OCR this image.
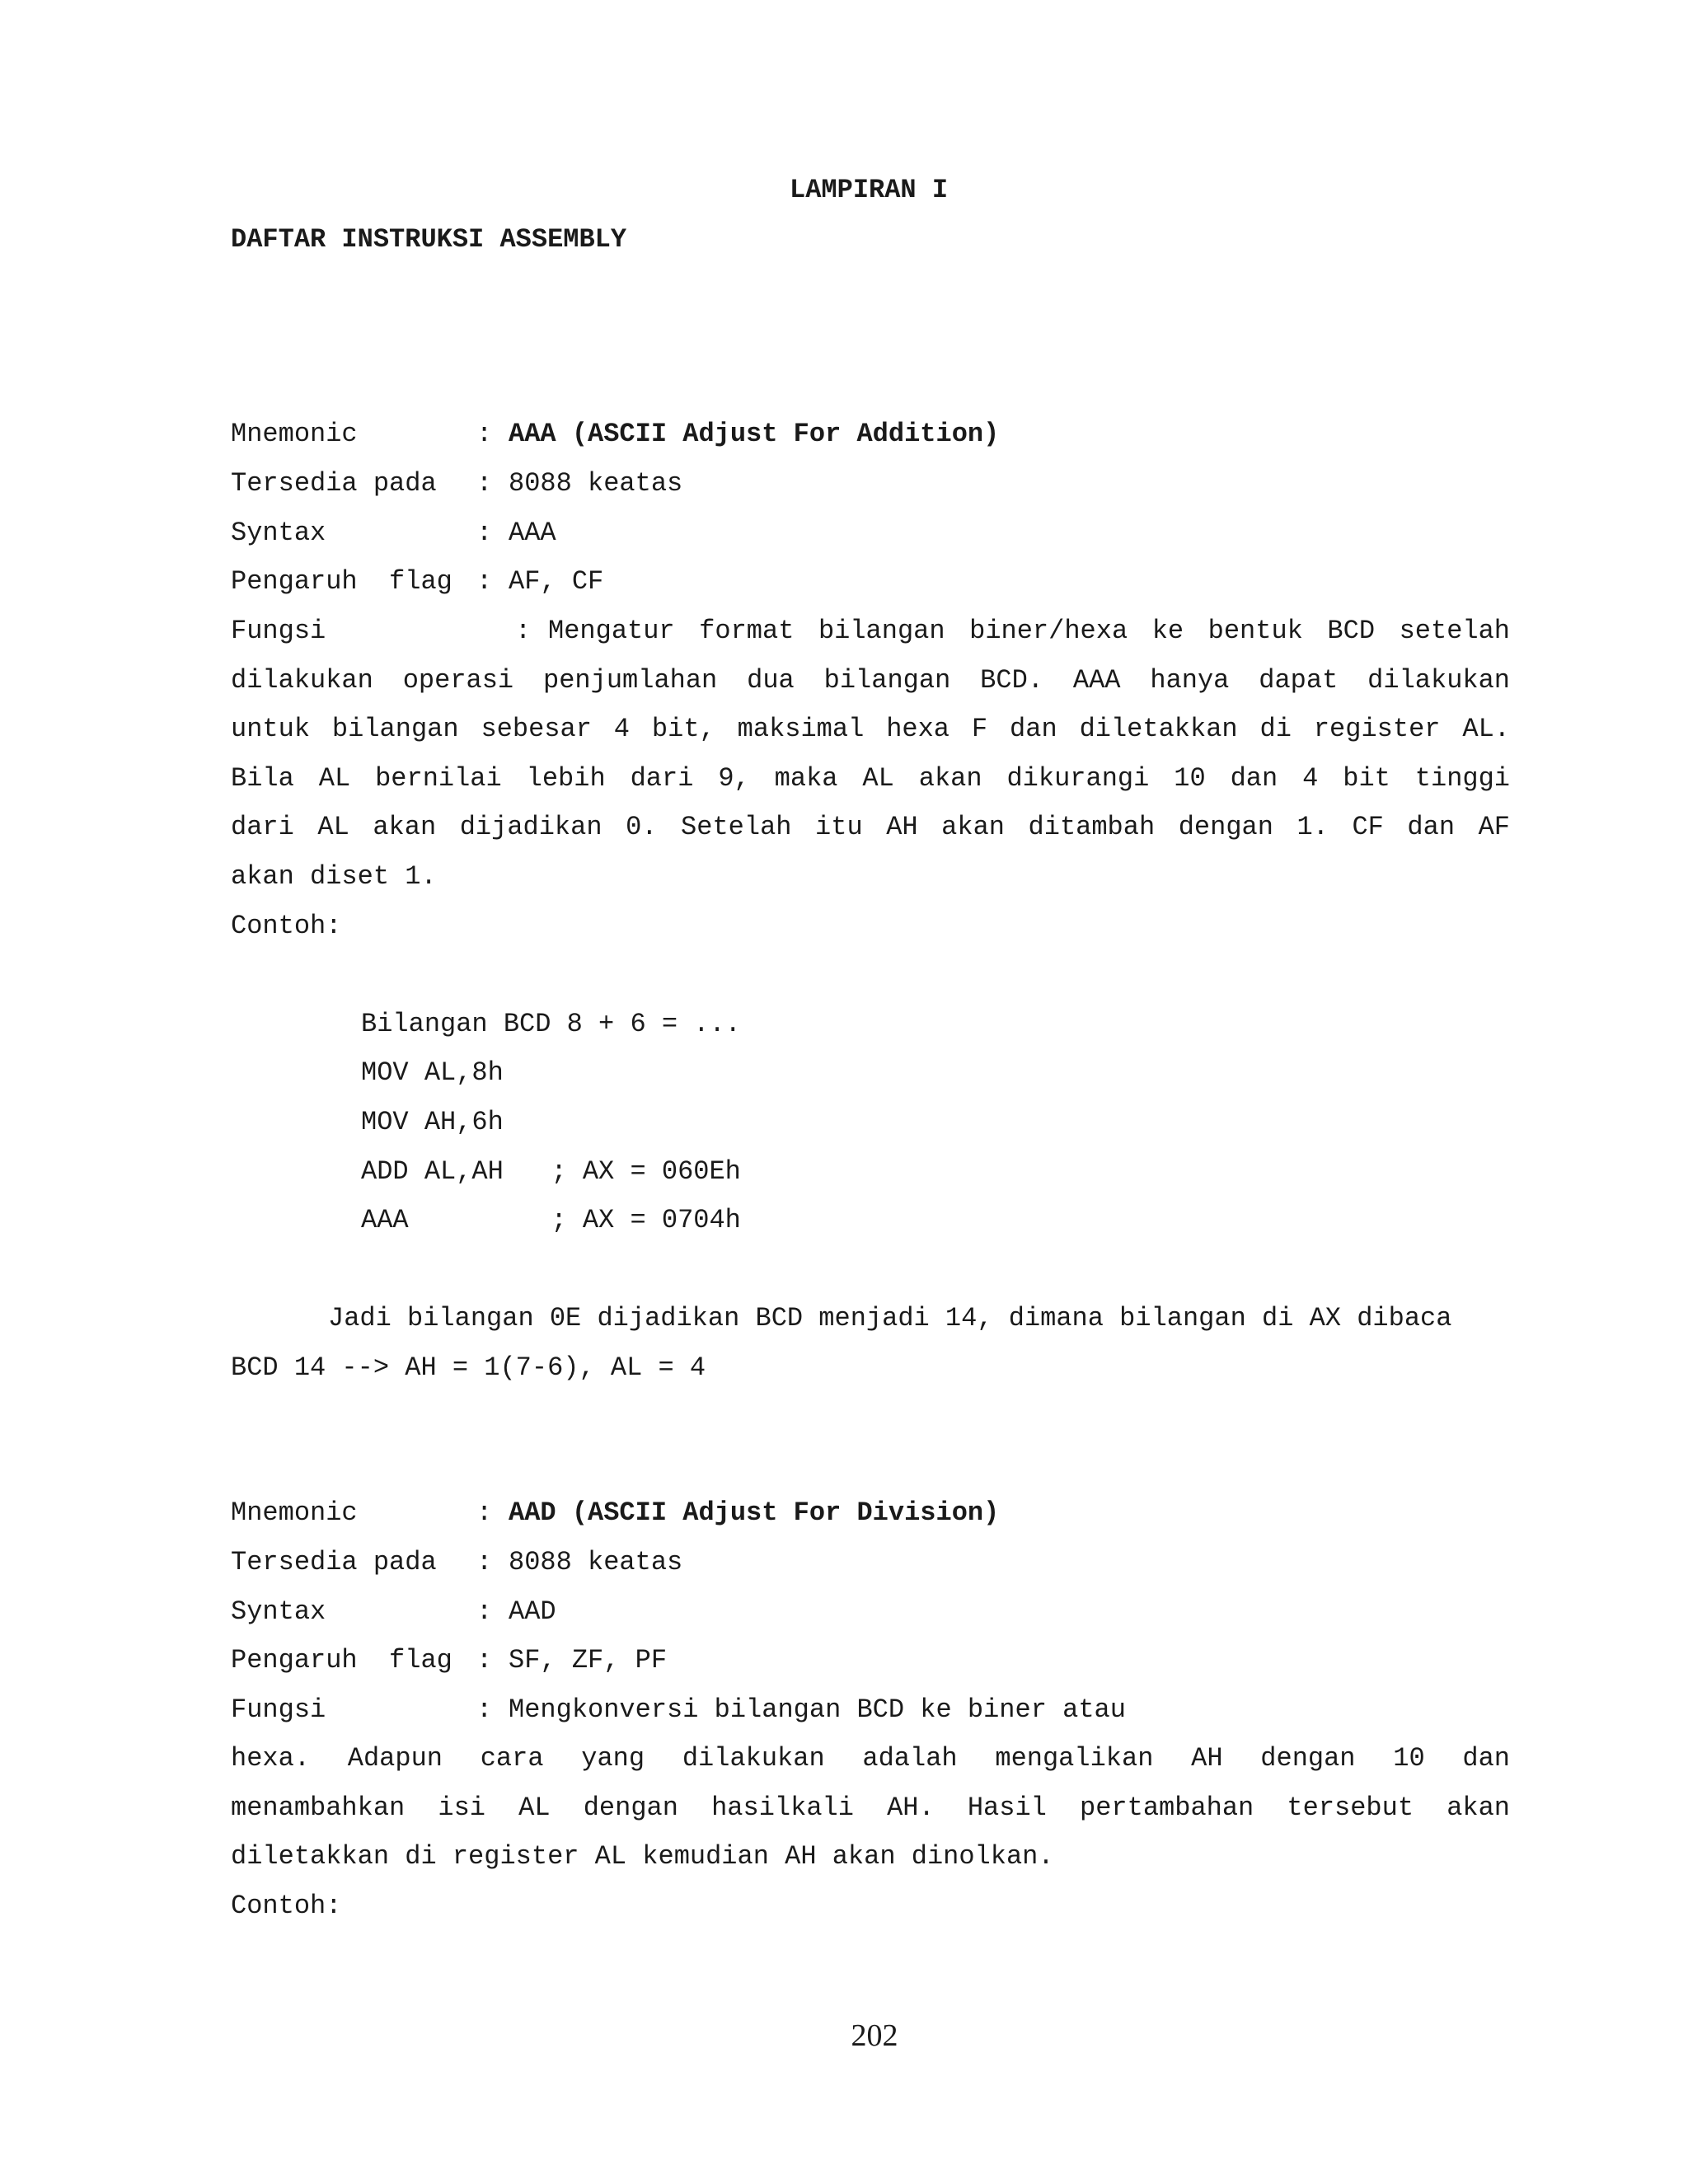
LAMPIRAN I
DAFTAR INSTRUKSI ASSEMBLY
Mnemonic	: AAA (ASCII Adjust For Addition)
Tersedia pada : 8088 keatas
Syntax	: AAA
Pengaruh  flag : AF, CF
Fungsi	: Mengatur format bilangan biner/hexa ke bentuk BCD setelah
dilakukan operasi penjumlahan dua bilangan BCD. AAA hanya dapat dilakukan
untuk bilangan sebesar 4 bit, maksimal hexa F dan diletakkan di register AL.
Bila AL bernilai lebih dari 9, maka AL akan dikurangi 10 dan 4 bit tinggi
dari AL akan dijadikan 0. Setelah itu AH akan ditambah dengan 1. CF dan AF
akan diset 1.
Contoh:
Bilangan BCD 8 + 6 = ...
MOV AL,8h
MOV AH,6h
ADD AL,AH   ; AX = 060Eh
AAA         ; AX = 0704h
Jadi bilangan 0E dijadikan BCD menjadi 14, dimana bilangan di AX dibaca
BCD 14 --> AH = 1(7-6), AL = 4
Mnemonic	: AAD (ASCII Adjust For Division)
Tersedia pada : 8088 keatas
Syntax	: AAD
Pengaruh  flag : SF, ZF, PF
Fungsi	: Mengkonversi bilangan BCD ke biner atau
hexa. Adapun cara yang dilakukan adalah mengalikan AH dengan 10 dan
menambahkan isi AL dengan hasilkali AH. Hasil pertambahan tersebut akan
diletakkan di register AL kemudian AH akan dinolkan.
Contoh:
202
